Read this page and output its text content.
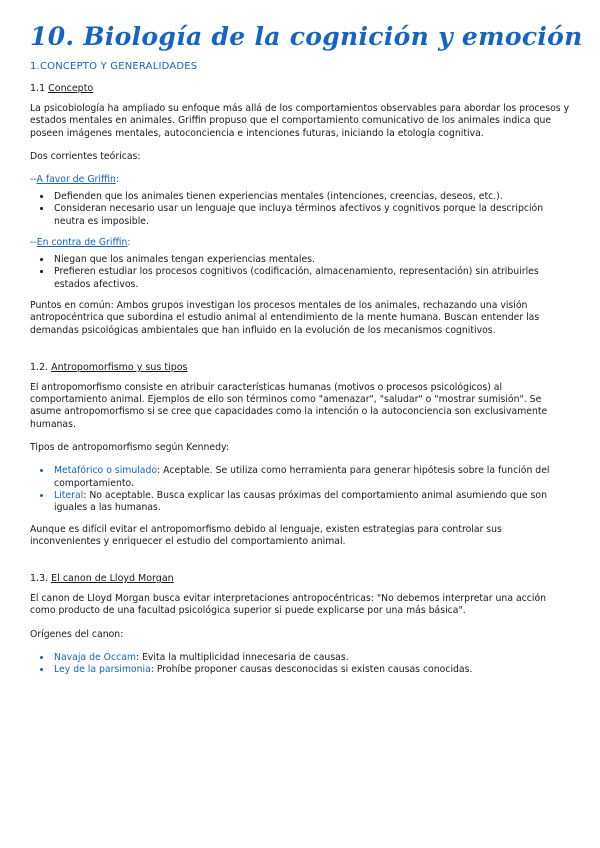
10. Biología de la cognición y emoción
1.CONCEPTO Y GENERALIDADES
1.1 Concepto

La psicobiología ha ampliado su enfoque más allá de los comportamientos observables para abordar los procesos y estados mentales en animales. Griffin propuso que el comportamiento comunicativo de los animales indica que poseen imágenes mentales, autoconciencia e intenciones futuras, iniciando la etología cognitiva.

Dos corrientes teóricas:

--A favor de Griffin:
• Defienden que los animales tienen experiencias mentales (intenciones, creencias, deseos, etc.).
• Consideran necesario usar un lenguaje que incluya términos afectivos y cognitivos porque la descripción neutra es imposible.
--En contra de Griffin:
• Niegan que los animales tengan experiencias mentales.
• Prefieren estudiar los procesos cognitivos (codificación, almacenamiento, representación) sin atribuirles estados afectivos.

Puntos en común: Ambos grupos investigan los procesos mentales de los animales, rechazando una visión antropocéntrica que subordina el estudio animal al entendimiento de la mente humana. Buscan entender las demandas psicológicas ambientales que han influido en la evolución de los mecanismos cognitivos.

1.2. Antropomorfismo y sus tipos

El antropomorfismo consiste en atribuir características humanas (motivos o procesos psicológicos) al comportamiento animal. Ejemplos de ello son términos como "amenazar", "saludar" o "mostrar sumisión". Se asume antropomorfismo si se cree que capacidades como la intención o la autoconciencia son exclusivamente humanas.

Tipos de antropomorfismo según Kennedy:

• Metafórico o simulado: Aceptable. Se utiliza como herramienta para generar hipótesis sobre la función del comportamiento.
• Literal: No aceptable. Busca explicar las causas próximas del comportamiento animal asumiendo que son iguales a las humanas.

Aunque es difícil evitar el antropomorfismo debido al lenguaje, existen estrategias para controlar sus inconvenientes y enriquecer el estudio del comportamiento animal.

1.3. El canon de Lloyd Morgan

El canon de Lloyd Morgan busca evitar interpretaciones antropocéntricas: "No debemos interpretar una acción como producto de una facultad psicológica superior si puede explicarse por una más básica".

Orígenes del canon:

• Navaja de Occam: Evita la multiplicidad innecesaria de causas.
• Ley de la parsimonia: Prohíbe proponer causas desconocidas si existen causas conocidas.
